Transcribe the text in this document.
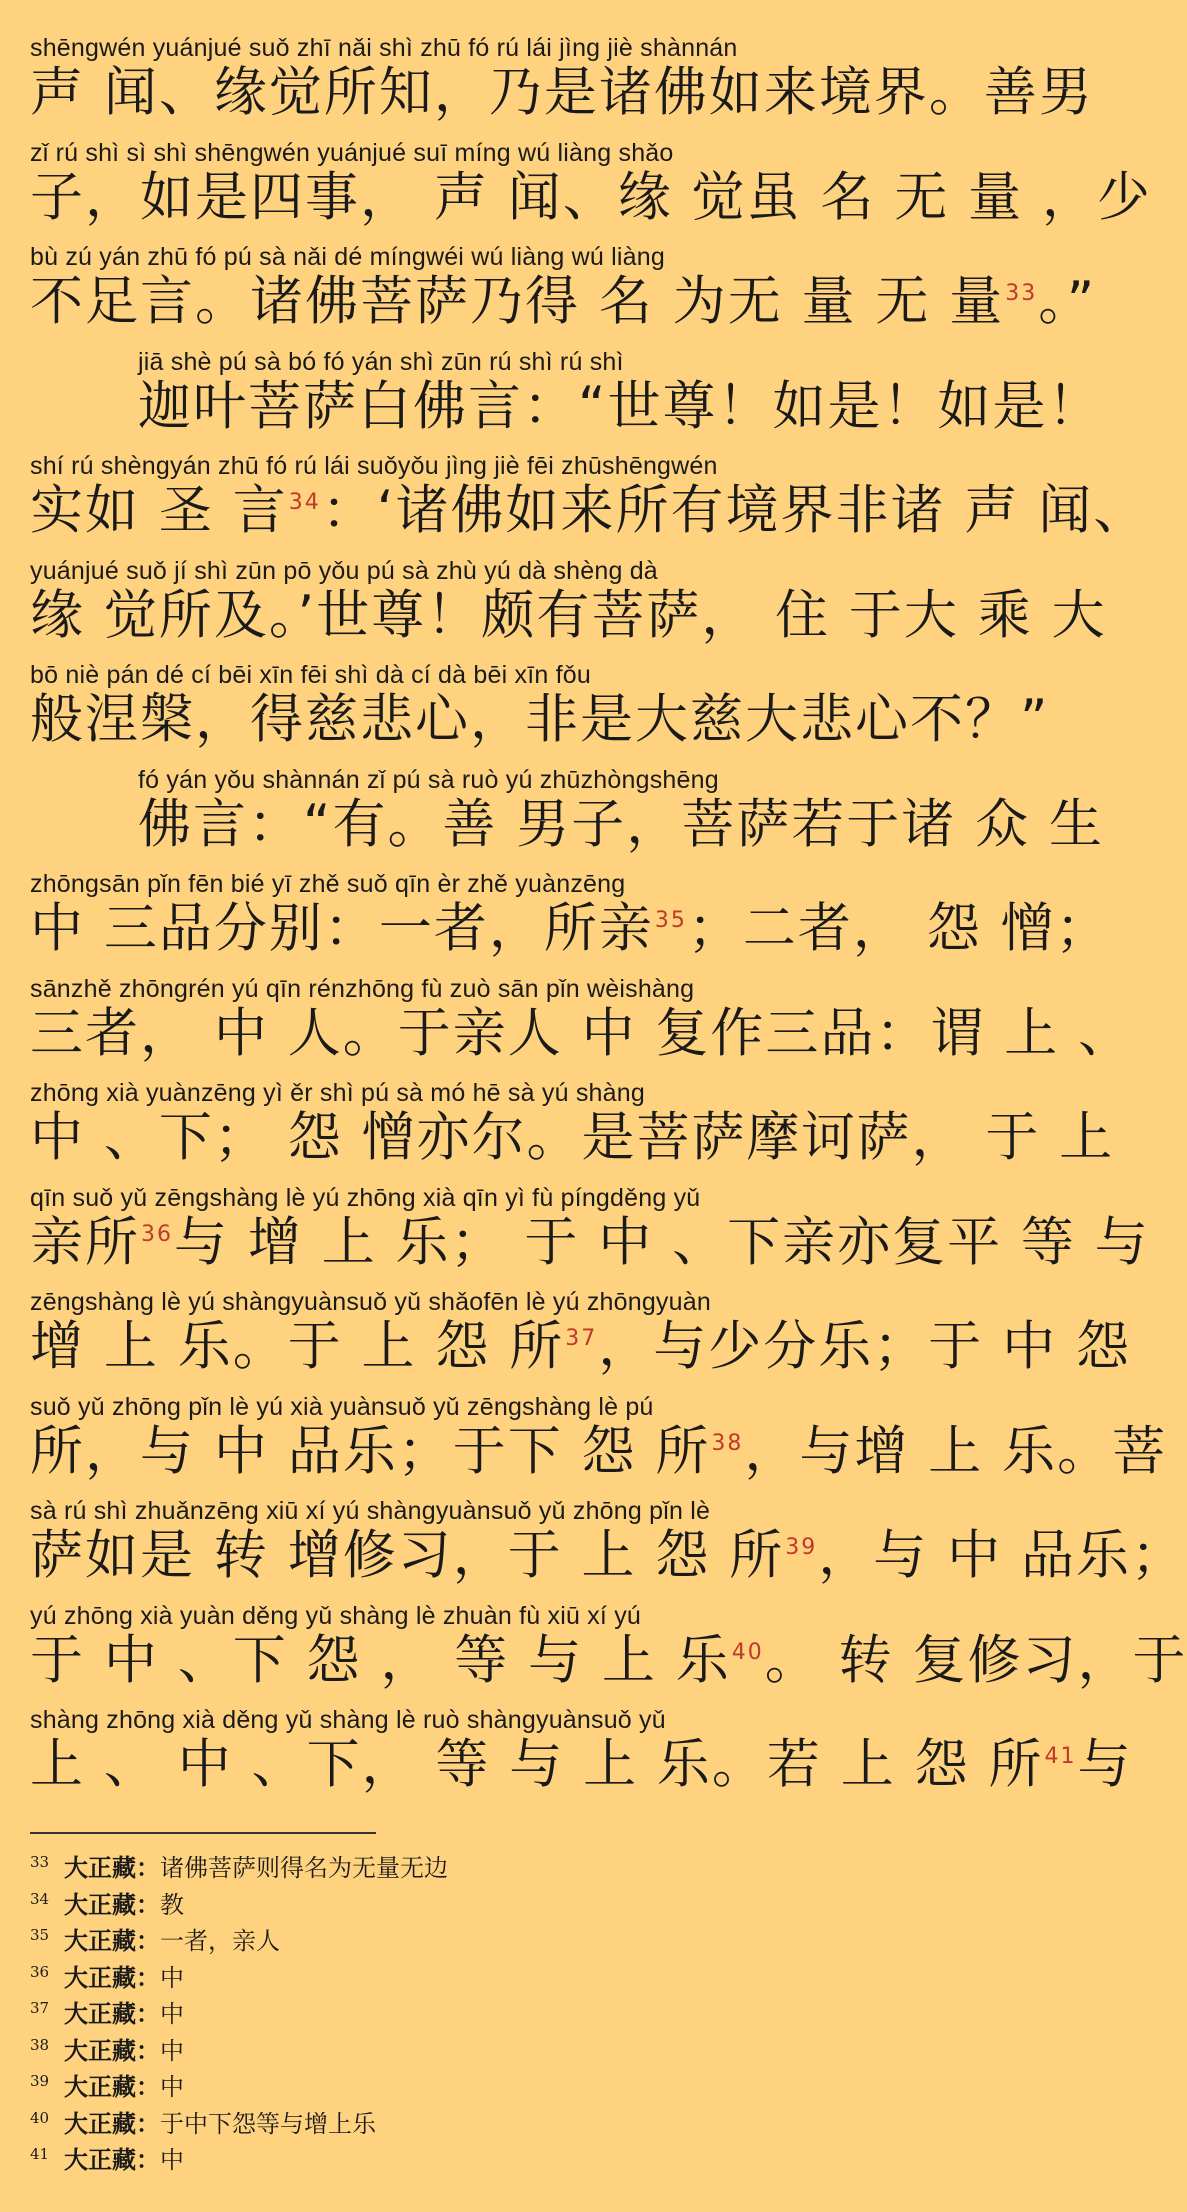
shēngwén yuánjué suǒ zhī nǎi shì zhū fó rú lái jìng jiè shànnán
声 闻、缘觉所知，乃是诸佛如来境界。善男
zǐ rú shì sì shì shēngwén yuánjué suī míng wú liàng shǎo
子，如是四事， 声 闻、缘 觉虽 名 无 量 ，少
bù zú yán zhū fó pú sà nǎi dé míngwéi wú liàng wú liàng
不足言。诸佛菩萨乃得 名 为无 量 无 量$^{33}$。”
jiā shè pú sà bó fó yán shì zūn rú shì rú shì
迦叶菩萨白佛言：“世尊！如是！如是！
shí rú shèngyán zhū fó rú lái suǒyǒu jìng jiè fēi zhūshēngwén
实如 圣 言$^{34}$：‘诸佛如来所有境界非诸 声 闻、
yuánjué suǒ jí shì zūn pō yǒu pú sà zhù yú dà shèng dà
缘 觉所及。’世尊！颇有菩萨， 住 于大 乘 大
bō niè pán dé cí bēi xīn fēi shì dà cí dà bēi xīn fǒu
般涅槃，得慈悲心，非是大慈大悲心不？”
fó yán yǒu shànnán zǐ pú sà ruò yú zhūzhòngshēng
佛言：“有。善 男子，菩萨若于诸 众 生
zhōngsān pǐn fēn bié yī zhě suǒ qīn èr zhě yuànzēng
中 三品分别：一者，所亲$^{35}$；二者， 怨 憎；
sānzhě zhōngrén yú qīn rénzhōng fù zuò sān pǐn wèishàng
三者， 中 人。于亲人 中 复作三品：谓 上 、
zhōng xià yuànzēng yì ěr shì pú sà mó hē sà yú shàng
中 、下； 怨 憎亦尔。是菩萨摩诃萨， 于 上
qīn suǒ yǔ zēngshàng lè yú zhōng xià qīn yì fù píngděng yǔ
亲所$^{36}$与 增 上 乐； 于 中 、下亲亦复平 等 与
zēngshàng lè yú shàngyuànsuǒ yǔ shǎofēn lè yú zhōngyuàn
增 上 乐。于 上 怨 所$^{37}$，与少分乐；于 中 怨
suǒ yǔ zhōng pǐn lè yú xià yuànsuǒ yǔ zēngshàng lè pú
所，与 中 品乐；于下 怨 所$^{38}$，与增 上 乐。菩
sà rú shì zhuǎnzēng xiū xí yú shàngyuànsuǒ yǔ zhōng pǐn lè
萨如是 转 增修习，于 上 怨 所$^{39}$，与 中 品乐；
yú zhōng xià yuàn děng yǔ shàng lè zhuàn fù xiū xí yú
于 中 、下 怨 ， 等 与 上 乐$^{40}$。 转 复修习，于
shàng zhōng xià děng yǔ shàng lè ruò shàngyuànsuǒ yǔ
上 、 中 、下， 等 与 上 乐。若 上 怨 所$^{41}$与
33 大正藏：诸佛菩萨则得名为无量无边
34 大正藏：教
35 大正藏：一者，亲人
36 大正藏：中
37 大正藏：中
38 大正藏：中
39 大正藏：中
40 大正藏：于中下怨等与增上乐
41 大正藏：中
